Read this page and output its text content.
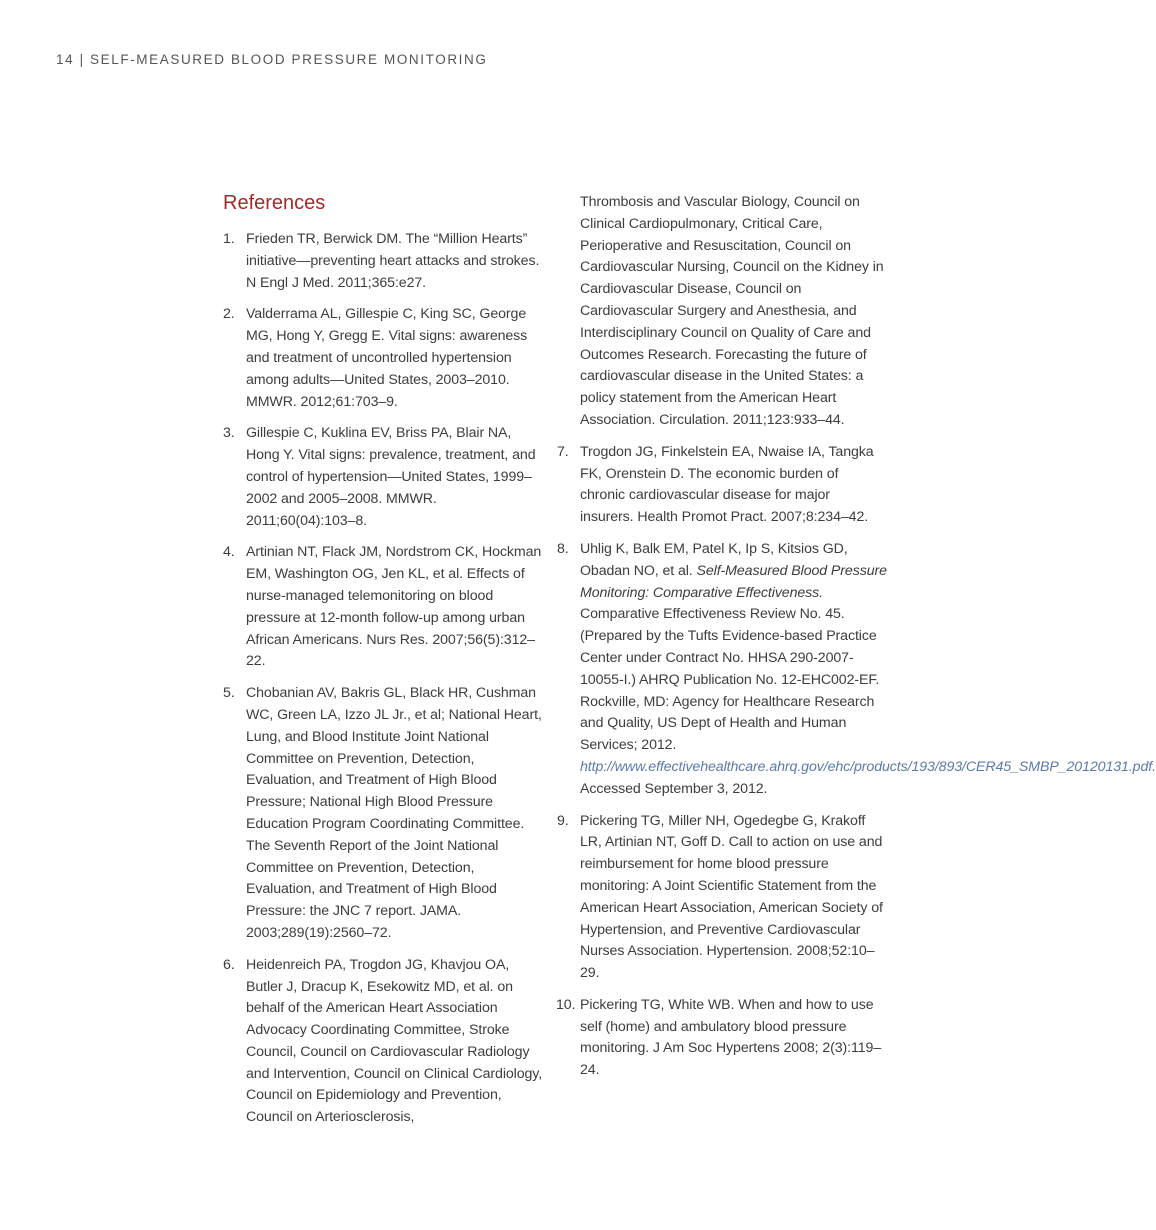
14 | SELF-MEASURED BLOOD PRESSURE MONITORING
References
1. Frieden TR, Berwick DM. The “Million Hearts” initiative—preventing heart attacks and strokes. N Engl J Med. 2011;365:e27.
2. Valderrama AL, Gillespie C, King SC, George MG, Hong Y, Gregg E. Vital signs: awareness and treatment of uncontrolled hypertension among adults—United States, 2003–2010. MMWR. 2012;61:703–9.
3. Gillespie C, Kuklina EV, Briss PA, Blair NA, Hong Y. Vital signs: prevalence, treatment, and control of hypertension—United States, 1999–2002 and 2005–2008. MMWR. 2011;60(04):103–8.
4. Artinian NT, Flack JM, Nordstrom CK, Hockman EM, Washington OG, Jen KL, et al. Effects of nurse-managed telemonitoring on blood pressure at 12-month follow-up among urban African Americans. Nurs Res. 2007;56(5):312–22.
5. Chobanian AV, Bakris GL, Black HR, Cushman WC, Green LA, Izzo JL Jr., et al; National Heart, Lung, and Blood Institute Joint National Committee on Prevention, Detection, Evaluation, and Treatment of High Blood Pressure; National High Blood Pressure Education Program Coordinating Committee. The Seventh Report of the Joint National Committee on Prevention, Detection, Evaluation, and Treatment of High Blood Pressure: the JNC 7 report. JAMA. 2003;289(19):2560–72.
6. Heidenreich PA, Trogdon JG, Khavjou OA, Butler J, Dracup K, Esekowitz MD, et al. on behalf of the American Heart Association Advocacy Coordinating Committee, Stroke Council, Council on Cardiovascular Radiology and Intervention, Council on Clinical Cardiology, Council on Epidemiology and Prevention, Council on Arteriosclerosis,
Thrombosis and Vascular Biology, Council on Clinical Cardiopulmonary, Critical Care, Perioperative and Resuscitation, Council on Cardiovascular Nursing, Council on the Kidney in Cardiovascular Disease, Council on Cardiovascular Surgery and Anesthesia, and Interdisciplinary Council on Quality of Care and Outcomes Research. Forecasting the future of cardiovascular disease in the United States: a policy statement from the American Heart Association. Circulation. 2011;123:933–44.
7. Trogdon JG, Finkelstein EA, Nwaise IA, Tangka FK, Orenstein D. The economic burden of chronic cardiovascular disease for major insurers. Health Promot Pract. 2007;8:234–42.
8. Uhlig K, Balk EM, Patel K, Ip S, Kitsios GD, Obadan NO, et al. Self-Measured Blood Pressure Monitoring: Comparative Effectiveness. Comparative Effectiveness Review No. 45. (Prepared by the Tufts Evidence-based Practice Center under Contract No. HHSA 290-2007-10055-I.) AHRQ Publication No. 12-EHC002-EF. Rockville, MD: Agency for Healthcare Research and Quality, US Dept of Health and Human Services; 2012. http://www.effectivehealthcare.ahrq.gov/ehc/products/193/893/CER45_SMBP_20120131.pdf. Accessed September 3, 2012.
9. Pickering TG, Miller NH, Ogedegbe G, Krakoff LR, Artinian NT, Goff D. Call to action on use and reimbursement for home blood pressure monitoring: A Joint Scientific Statement from the American Heart Association, American Society of Hypertension, and Preventive Cardiovascular Nurses Association. Hypertension. 2008;52:10–29.
10. Pickering TG, White WB. When and how to use self (home) and ambulatory blood pressure monitoring. J Am Soc Hypertens 2008; 2(3):119–24.
